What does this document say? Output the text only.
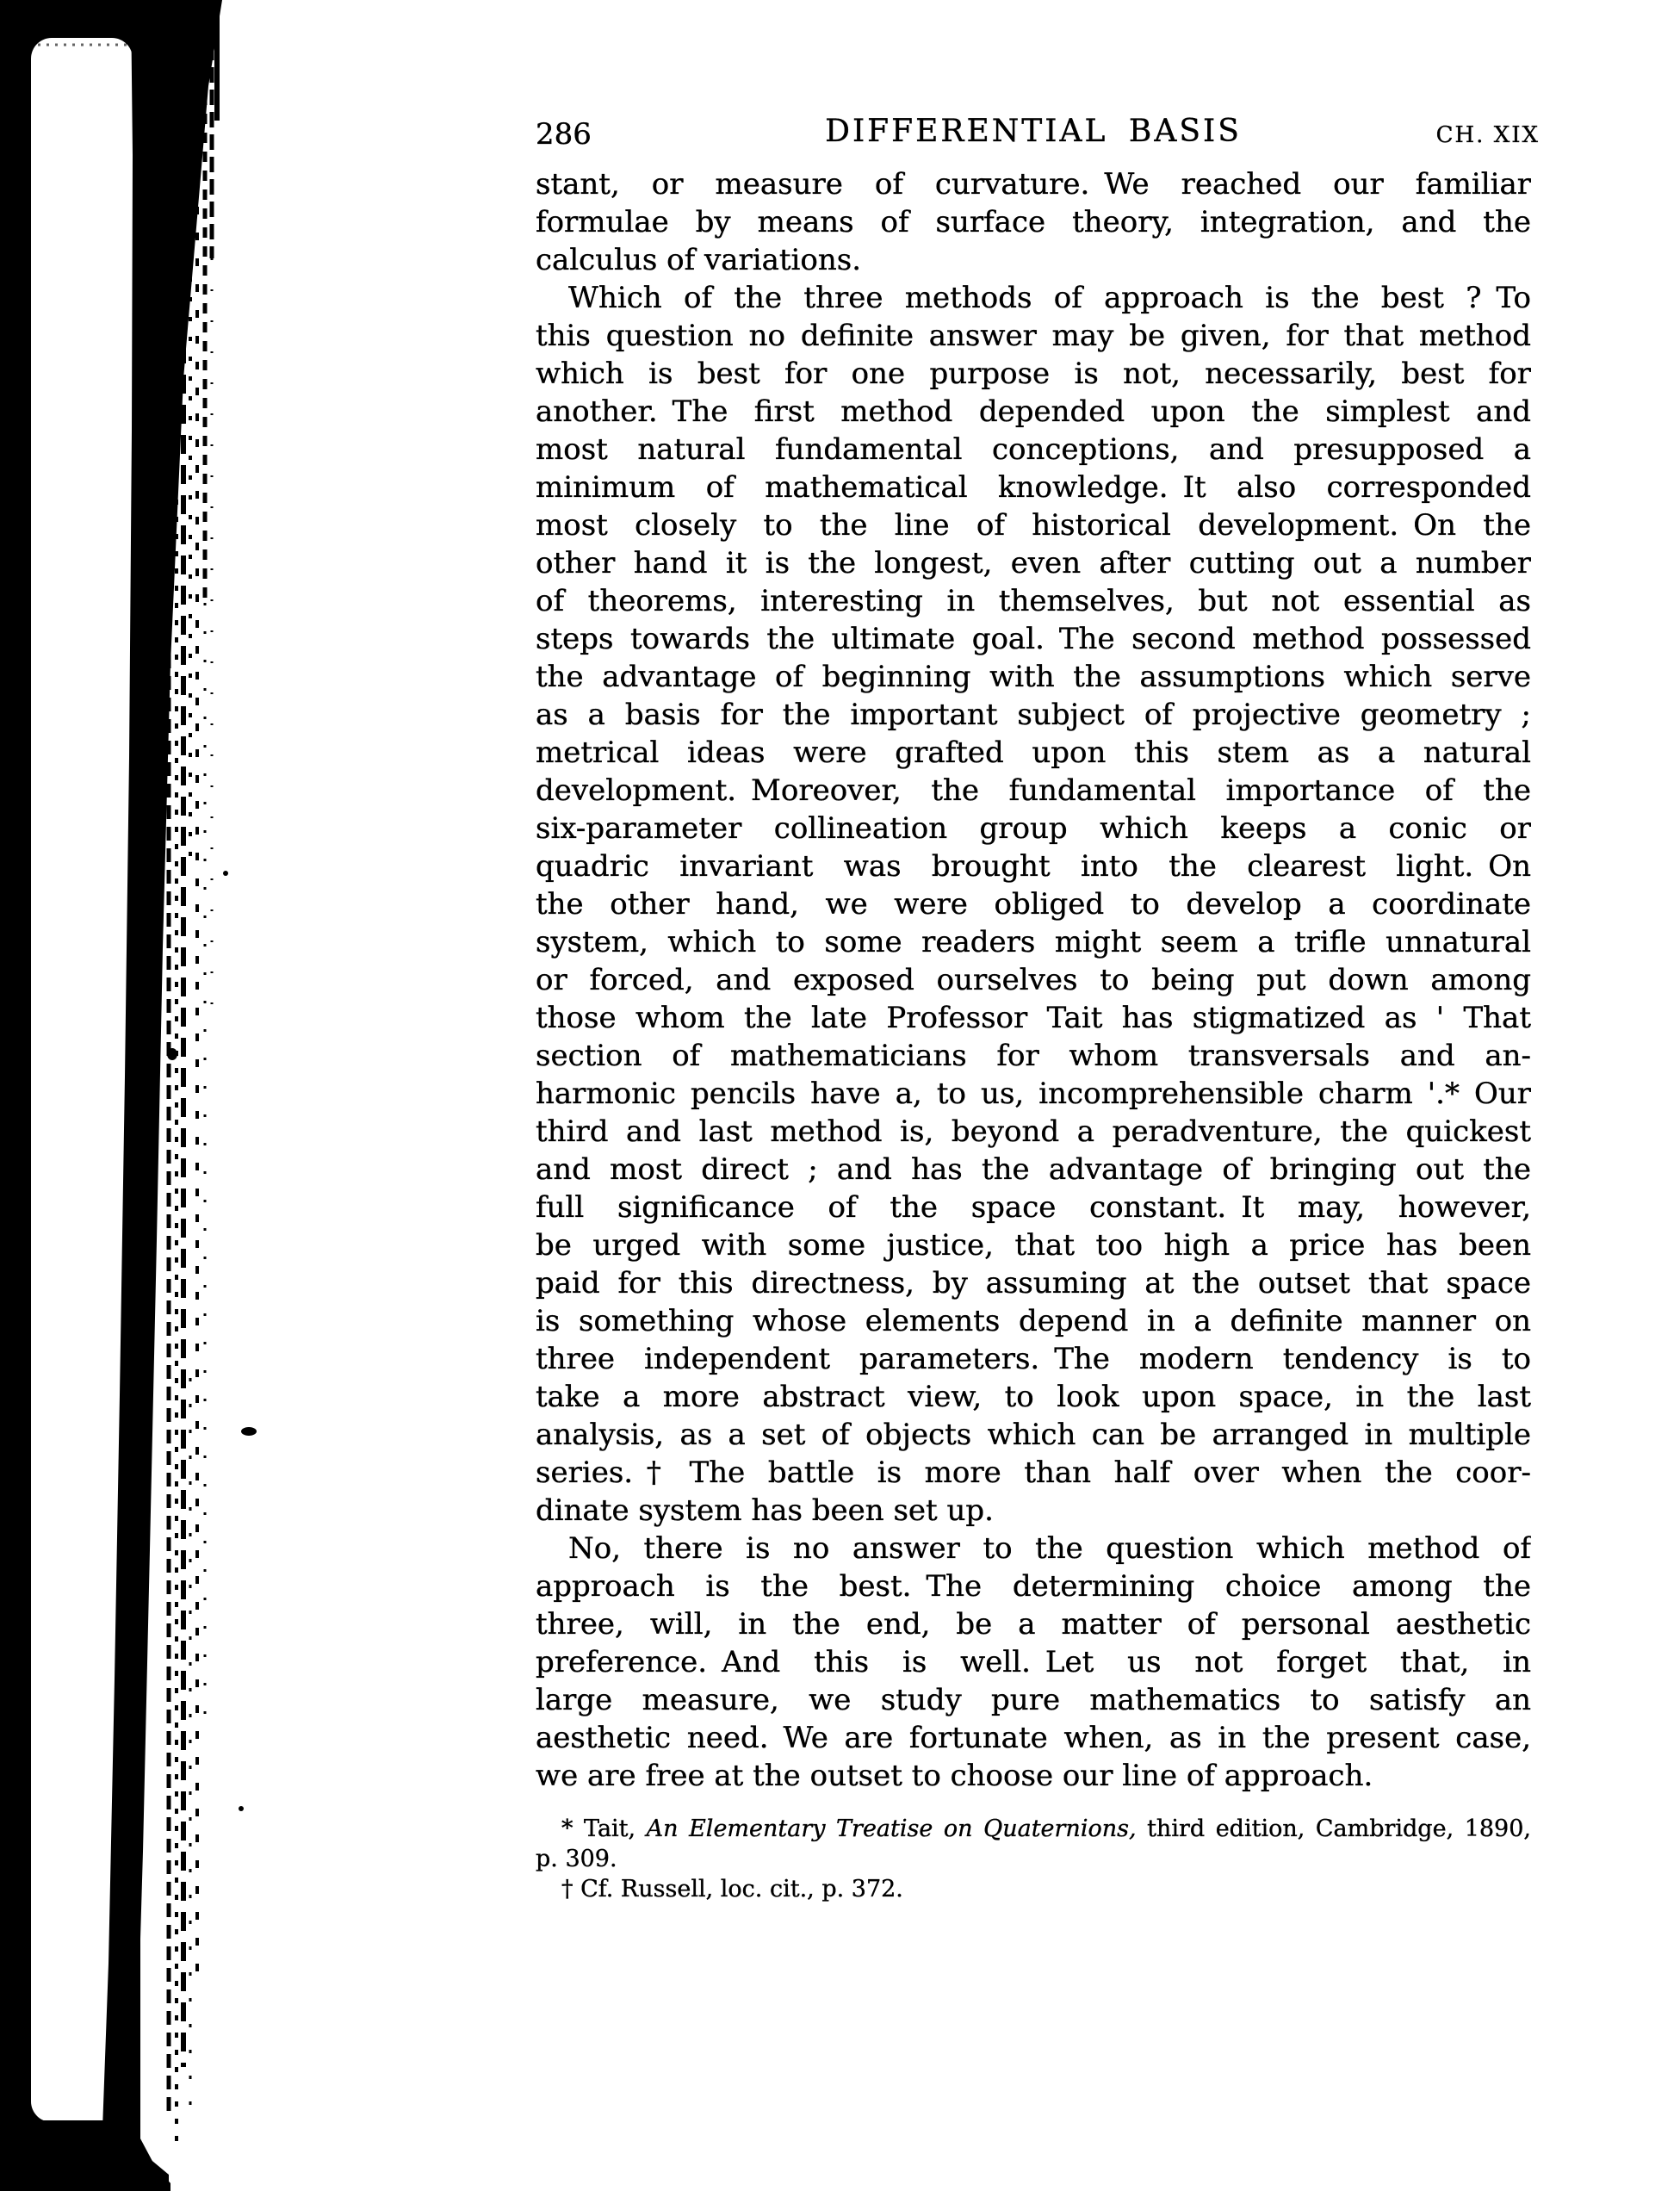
286	DIFFERENTIAL BASIS	CH. XIX
stant, or measure of curvature. We reached our familiar
formulae by means of surface theory, integration, and the
calculus of variations.
Which of the three methods of approach is the best ? To
this question no definite answer may be given, for that method
which is best for one purpose is not, necessarily, best for
another. The first method depended upon the simplest and
most natural fundamental conceptions, and presupposed a
minimum of mathematical knowledge. It also corresponded
most closely to the line of historical development. On the
other hand it is the longest, even after cutting out a number
of theorems, interesting in themselves, but not essential as
steps towards the ultimate goal. The second method possessed
the advantage of beginning with the assumptions which serve
as a basis for the important subject of projective geometry ;
metrical ideas were grafted upon this stem as a natural
development. Moreover, the fundamental importance of the
six-parameter collineation group which keeps a conic or
quadric invariant was brought into the clearest light. On
the other hand, we were obliged to develop a coordinate
system, which to some readers might seem a trifle unnatural
or forced, and exposed ourselves to being put down among
those whom the late Professor Tait has stigmatized as ' That
section of mathematicians for whom transversals and an-
harmonic pencils have a, to us, incomprehensible charm '.* Our
third and last method is, beyond a peradventure, the quickest
and most direct ; and has the advantage of bringing out the
full significance of the space constant. It may, however,
be urged with some justice, that too high a price has been
paid for this directness, by assuming at the outset that space
is something whose elements depend in a definite manner on
three independent parameters. The modern tendency is to
take a more abstract view, to look upon space, in the last
analysis, as a set of objects which can be arranged in multiple
series.† The battle is more than half over when the coor-
dinate system has been set up.
No, there is no answer to the question which method of
approach is the best. The determining choice among the
three, will, in the end, be a matter of personal aesthetic
preference. And this is well. Let us not forget that, in
large measure, we study pure mathematics to satisfy an
aesthetic need. We are fortunate when, as in the present case,
we are free at the outset to choose our line of approach.
* Tait, An Elementary Treatise on Quaternions, third edition, Cambridge, 1890,
p. 309.
† Cf. Russell, loc. cit., p. 372.
